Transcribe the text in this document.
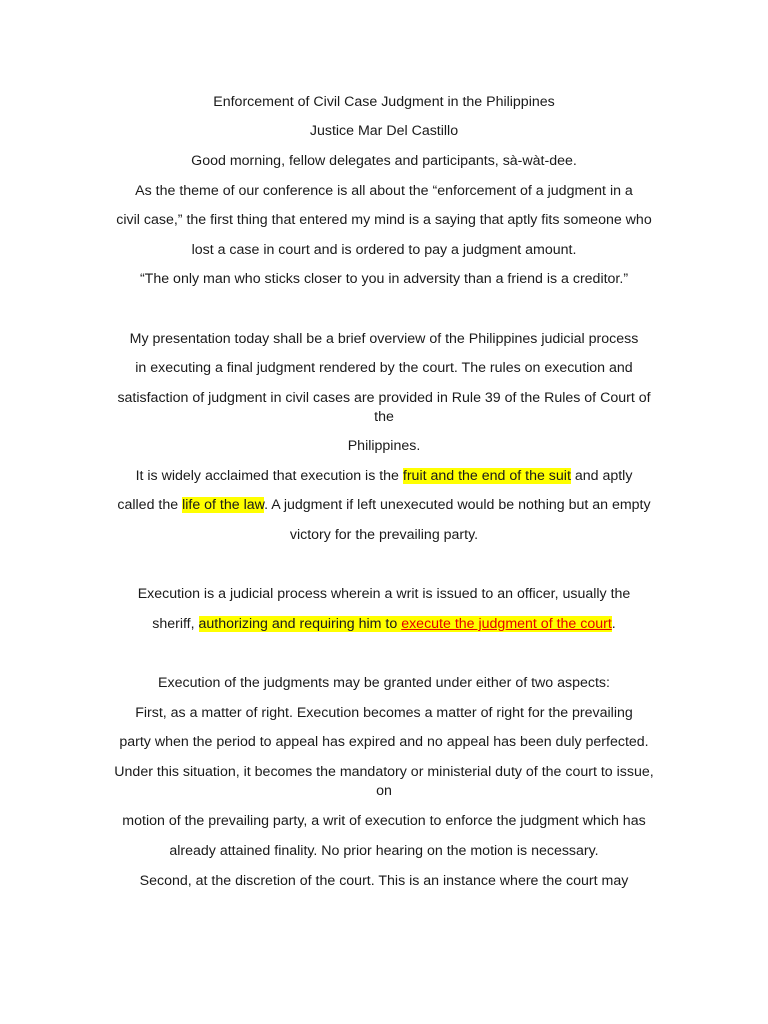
Enforcement of Civil Case Judgment in the Philippines
Justice Mar Del Castillo
Good morning, fellow delegates and participants, sà-wàt-dee.
As the theme of our conference is all about the “enforcement of a judgment in a
civil case,” the first thing that entered my mind is a saying that aptly fits someone who
lost a case in court and is ordered to pay a judgment amount.
“The only man who sticks closer to you in adversity than a friend is a creditor.”
My presentation today shall be a brief overview of the Philippines judicial process
in executing a final judgment rendered by the court. The rules on execution and
satisfaction of judgment in civil cases are provided in Rule 39 of the Rules of Court of
the
Philippines.
It is widely acclaimed that execution is the fruit and the end of the suit and aptly
called the life of the law. A judgment if left unexecuted would be nothing but an empty
victory for the prevailing party.
Execution is a judicial process wherein a writ is issued to an officer, usually the
sheriff, authorizing and requiring him to execute the judgment of the court.
Execution of the judgments may be granted under either of two aspects:
First, as a matter of right. Execution becomes a matter of right for the prevailing
party when the period to appeal has expired and no appeal has been duly perfected.
Under this situation, it becomes the mandatory or ministerial duty of the court to issue,
on
motion of the prevailing party, a writ of execution to enforce the judgment which has
already attained finality. No prior hearing on the motion is necessary.
Second, at the discretion of the court. This is an instance where the court may
